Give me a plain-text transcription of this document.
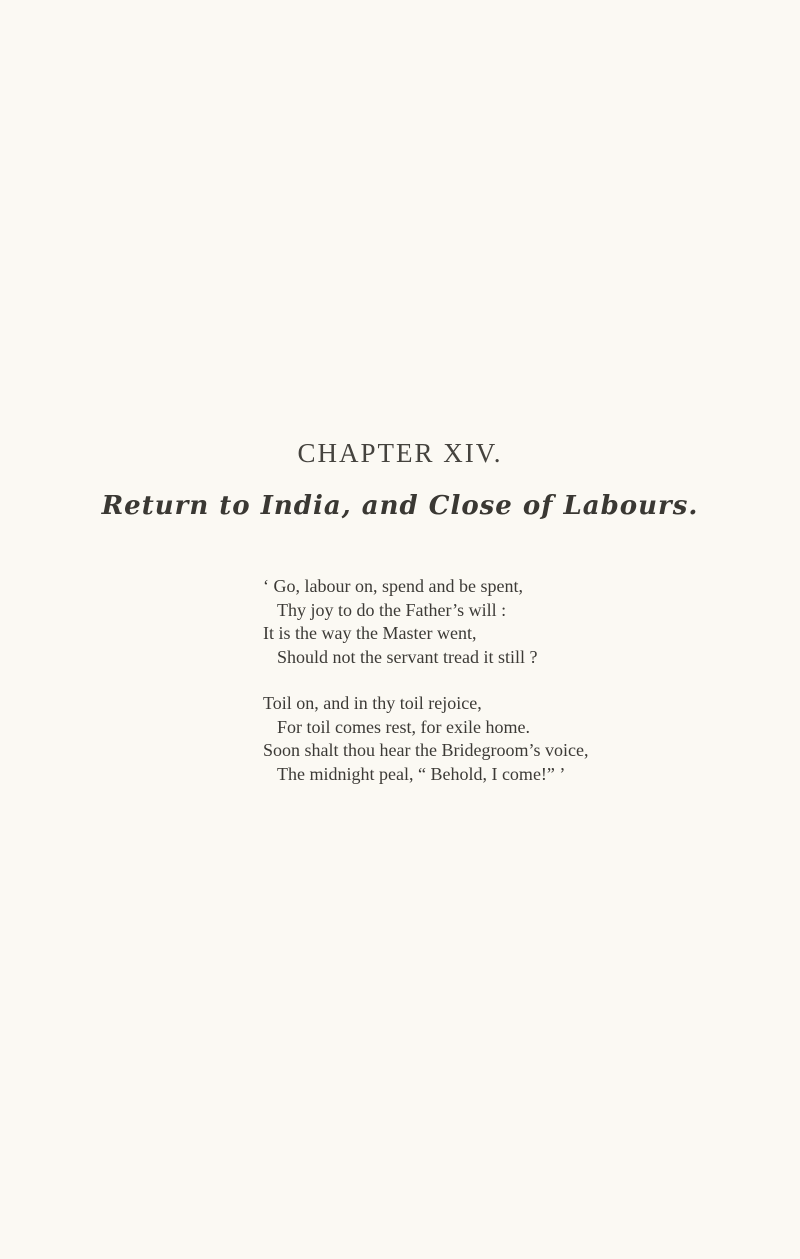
CHAPTER XIV.
Return to India, and Close of Labours.
‘ Go, labour on, spend and be spent,
Thy joy to do the Father’s will :
It is the way the Master went,
Should not the servant tread it still ?
Toil on, and in thy toil rejoice,
For toil comes rest, for exile home.
Soon shalt thou hear the Bridegroom’s voice,
The midnight peal, “ Behold, I come!” ’
